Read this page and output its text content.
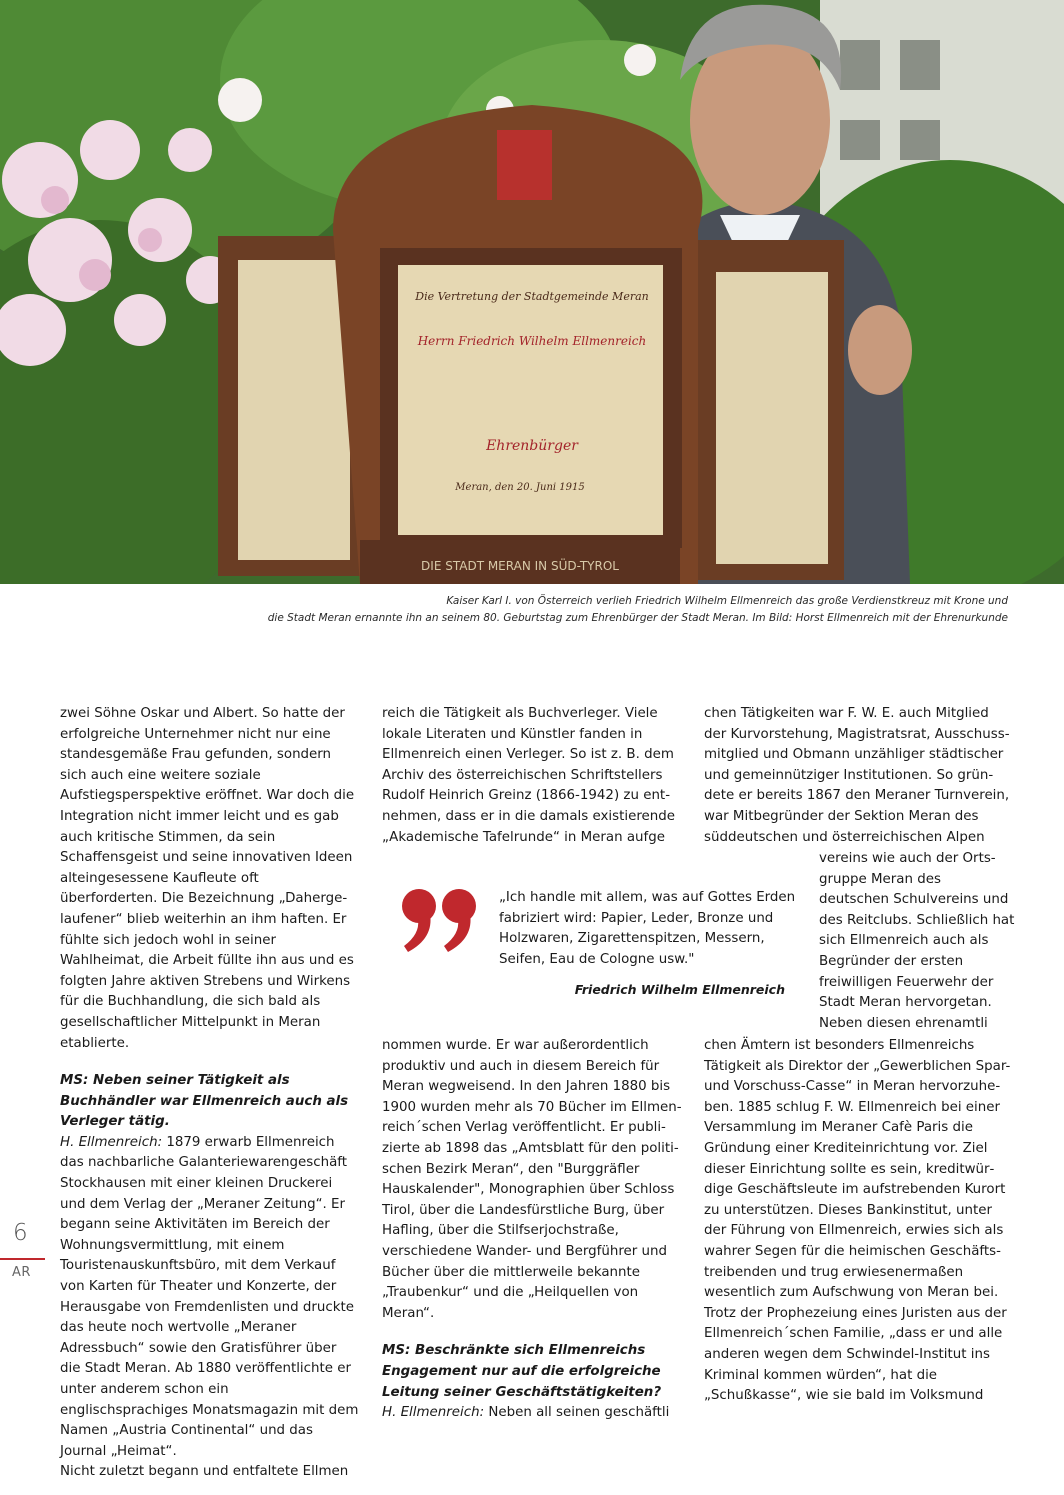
Die Vertretung der Stadtgemeinde Meran
Herrn Friedrich Wilhelm Ellmenreich
Ehrenbürger
Meran, den 20. Juni 1915
DIE STADT MERAN IN SÜD-TYROL
Kaiser Karl I. von Österreich verlieh Friedrich Wilhelm Ellmenreich das große Verdienstkreuz mit Krone und
die Stadt Meran ernannte ihn an seinem 80. Geburtstag zum Ehrenbürger der Stadt Meran. Im Bild: Horst Ellmenreich mit der Ehrenurkunde

zwei Söhne Oskar und Albert. So hatte der erfolgreiche Unternehmer nicht nur eine standesgemäße Frau gefunden, sondern sich auch eine weitere soziale Aufstiegsperspektive eröffnet. War doch die Integration nicht immer leicht und es gab auch kritische Stimmen, da sein Schaffensgeist und seine innovativen Ideen alteingesessene Kaufleute oft überforderten. Die Bezeichnung „Dahergelaufener“ blieb weiterhin an ihm haften. Er fühlte sich jedoch wohl in seiner Wahlheimat, die Arbeit füllte ihn aus und es folgten Jahre aktiven Strebens und Wirkens für die Buchhandlung, die sich bald als gesellschaftlicher Mittelpunkt in Meran etablierte.

MS: Neben seiner Tätigkeit als Buchhändler war Ellmenreich auch als Verleger tätig.

H. Ellmenreich: 1879 erwarb Ellmenreich das nachbarliche Galanteriewarengeschäft Stockhausen mit einer kleinen Druckerei und dem Verlag der „Meraner Zeitung“. Er begann seine Aktivitäten im Bereich der Wohnungsvermittlung, mit einem Touristenauskunftsbüro, mit dem Verkauf von Karten für Theater und Konzerte, der Herausgabe von Fremdenlisten und druckte das heute noch wertvolle „Meraner Adressbuch“ sowie den Gratisführer über die Stadt Meran. Ab 1880 veröffentlichte er unter anderem schon ein englischsprachiges Monatsmagazin mit dem Namen „Austria Continental“ und das Journal „Heimat“.

Nicht zuletzt begann und entfaltete Ellmen

reich die Tätigkeit als Buchverleger. Viele lokale Literaten und Künstler fanden in Ellmenreich einen Verleger. So ist z. B. dem Archiv des österreichischen Schriftstellers Rudolf Heinrich Greinz (1866-1942) zu entnehmen, dass er in die damals existierende „Akademische Tafelrunde“ in Meran aufge

„Ich handle mit allem, was auf Gottes Erden fabriziert wird: Papier, Leder, Bronze und Holzwaren, Zigarettenspitzen, Messern, Seifen, Eau de Cologne usw."
Friedrich Wilhelm Ellmenreich

nommen wurde. Er war außerordentlich produktiv und auch in diesem Bereich für Meran wegweisend. In den Jahren 1880 bis 1900 wurden mehr als 70 Bücher im Ellmenreich´schen Verlag veröffentlicht. Er publizierte ab 1898 das „Amtsblatt für den politischen Bezirk Meran“, den "Burggräfler Hauskalender", Monographien über Schloss Tirol, über die Landesfürstliche Burg, über Hafling, über die Stilfserjochstraße, verschiedene Wander- und Bergführer und Bücher über die mittlerweile bekannte „Traubenkur“ und die „Heilquellen von Meran“.

MS: Beschränkte sich Ellmenreichs Engagement nur auf die erfolgreiche Leitung seiner Geschäftstätigkeiten?

H. Ellmenreich: Neben all seinen geschäftli

chen Tätigkeiten war F. W. E. auch Mitglied der Kurvorstehung, Magistratsrat, Ausschussmitglied und Obmann unzähliger städtischer und gemeinnütziger Institutionen. So gründete er bereits 1867 den Meraner Turnverein, war Mitbegründer der Sektion Meran des süddeutschen und österreichischen Alpen

vereins wie auch der Ortsgruppe Meran des deutschen Schulvereins und des Reitclubs. Schließlich hat sich Ellmenreich auch als Begründer der ersten freiwilligen Feuerwehr der Stadt Meran hervorgetan. Neben diesen ehrenamtli

chen Ämtern ist besonders Ellmenreichs Tätigkeit als Direktor der „Gewerblichen Spar- und Vorschuss-Casse“ in Meran hervorzuheben. 1885 schlug F. W. Ellmenreich bei einer Versammlung im Meraner Cafè Paris die Gründung einer Krediteinrichtung vor. Ziel dieser Einrichtung sollte es sein, kreditwürdige Geschäftsleute im aufstrebenden Kurort zu unterstützen. Dieses Bankinstitut, unter der Führung von Ellmenreich, erwies sich als wahrer Segen für die heimischen Geschäftstreibenden und trug erwiesenermaßen wesentlich zum Aufschwung von Meran bei. Trotz der Prophezeiung eines Juristen aus der Ellmenreich´schen Familie, „dass er und alle anderen wegen dem Schwindel-Institut ins Kriminal kommen würden“, hat die „Schußkasse“, wie sie bald im Volksmund

6
AR
